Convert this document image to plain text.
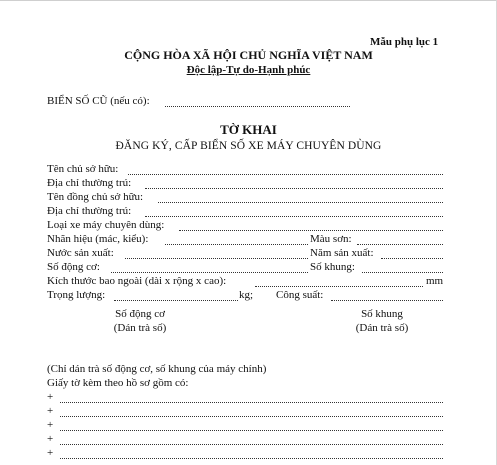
Mẫu phụ lục 1
CỘNG HÒA XÃ HỘI CHỦ NGHĨA VIỆT NAM
Độc lập-Tự do-Hạnh phúc
BIỂN SỐ CŨ (nếu có):
TỜ KHAI
ĐĂNG KÝ, CẤP BIỂN SỐ XE MÁY CHUYÊN DÙNG
Tên chủ sở hữu:
Địa chỉ thường trú:
Tên đồng chủ sở hữu:
Địa chỉ thường trú:
Loại xe máy chuyên dùng:
Nhãn hiệu (mác, kiểu):	Màu sơn:
Nước sản xuất:	Năm sản xuất:
Số động cơ:	Số khung:
Kích thước bao ngoài (dài x rộng x cao):	mm
Trọng lượng:	kg; Công suất:
Số động cơ
(Dán trà số)
Số khung
(Dán trà số)
(Chỉ dán trà số động cơ, số khung của máy chính)
Giấy tờ kèm theo hồ sơ gồm có:
+
+
+
+
+
